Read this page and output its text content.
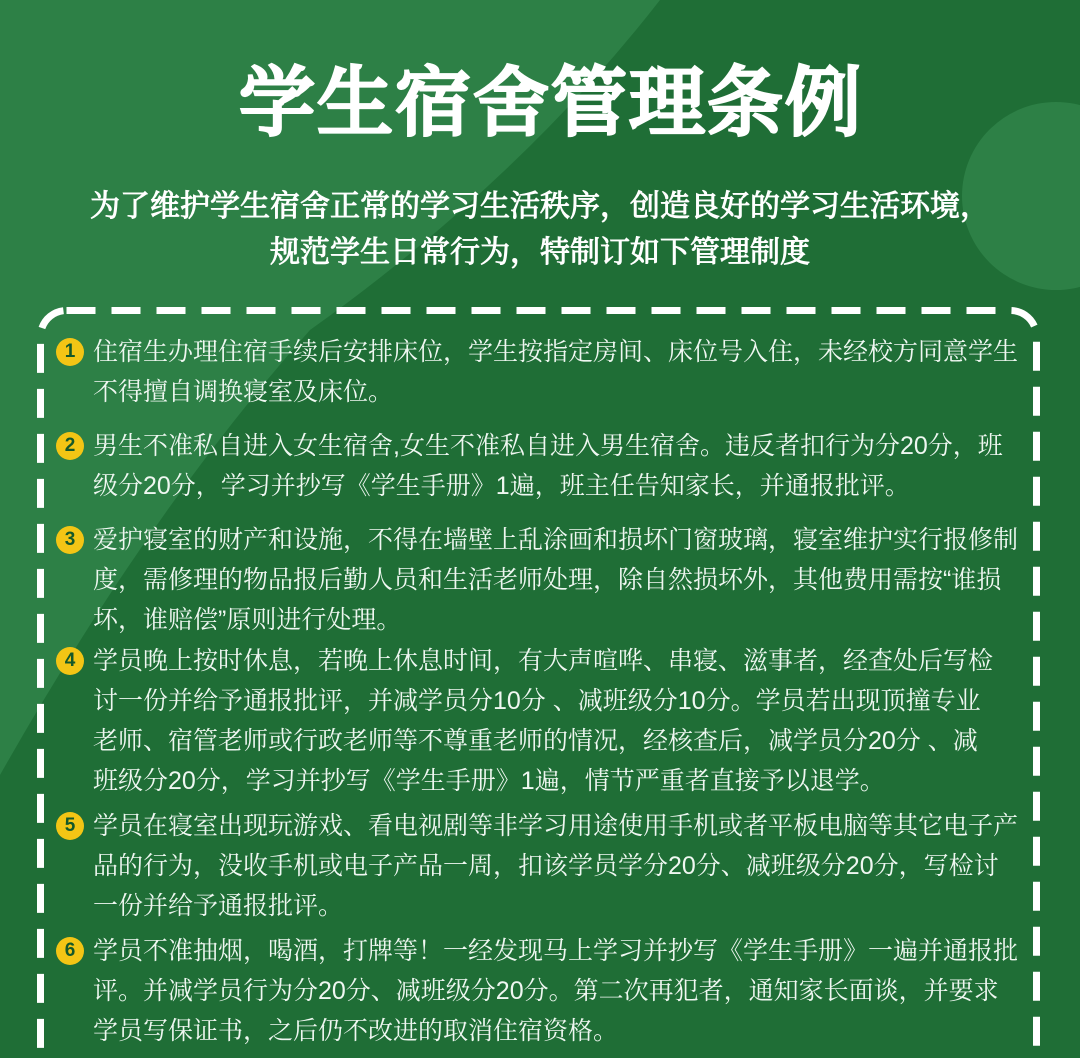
学生宿舍管理条例
为了维护学生宿舍正常的学习生活秩序，创造良好的学习生活环境，
规范学生日常行为，特制订如下管理制度
1 住宿生办理住宿手续后安排床位，学生按指定房间、床位号入住，未经校方同意学生
不得擅自调换寝室及床位。
2 男生不准私自进入女生宿舍,女生不准私自进入男生宿舍。违反者扣行为分20分，班
级分20分，学习并抄写《学生手册》1遍，班主任告知家长，并通报批评。
3 爱护寝室的财产和设施，不得在墙壁上乱涂画和损坏门窗玻璃，寝室维护实行报修制
度，需修理的物品报后勤人员和生活老师处理，除自然损坏外，其他费用需按“谁损
坏，谁赔偿”原则进行处理。
4 学员晚上按时休息，若晚上休息时间，有大声喧哗、串寝、滋事者，经查处后写检
讨一份并给予通报批评，并减学员分10分 、减班级分10分。学员若出现顶撞专业
老师、宿管老师或行政老师等不尊重老师的情况，经核查后，减学员分20分 、减
班级分20分，学习并抄写《学生手册》1遍，情节严重者直接予以退学。
5 学员在寝室出现玩游戏、看电视剧等非学习用途使用手机或者平板电脑等其它电子产
品的行为，没收手机或电子产品一周，扣该学员学分20分、减班级分20分，写检讨
一份并给予通报批评。
6 学员不准抽烟，喝酒，打牌等！一经发现马上学习并抄写《学生手册》一遍并通报批
评。并减学员行为分20分、减班级分20分。第二次再犯者，通知家长面谈，并要求
学员写保证书，之后仍不改进的取消住宿资格。
